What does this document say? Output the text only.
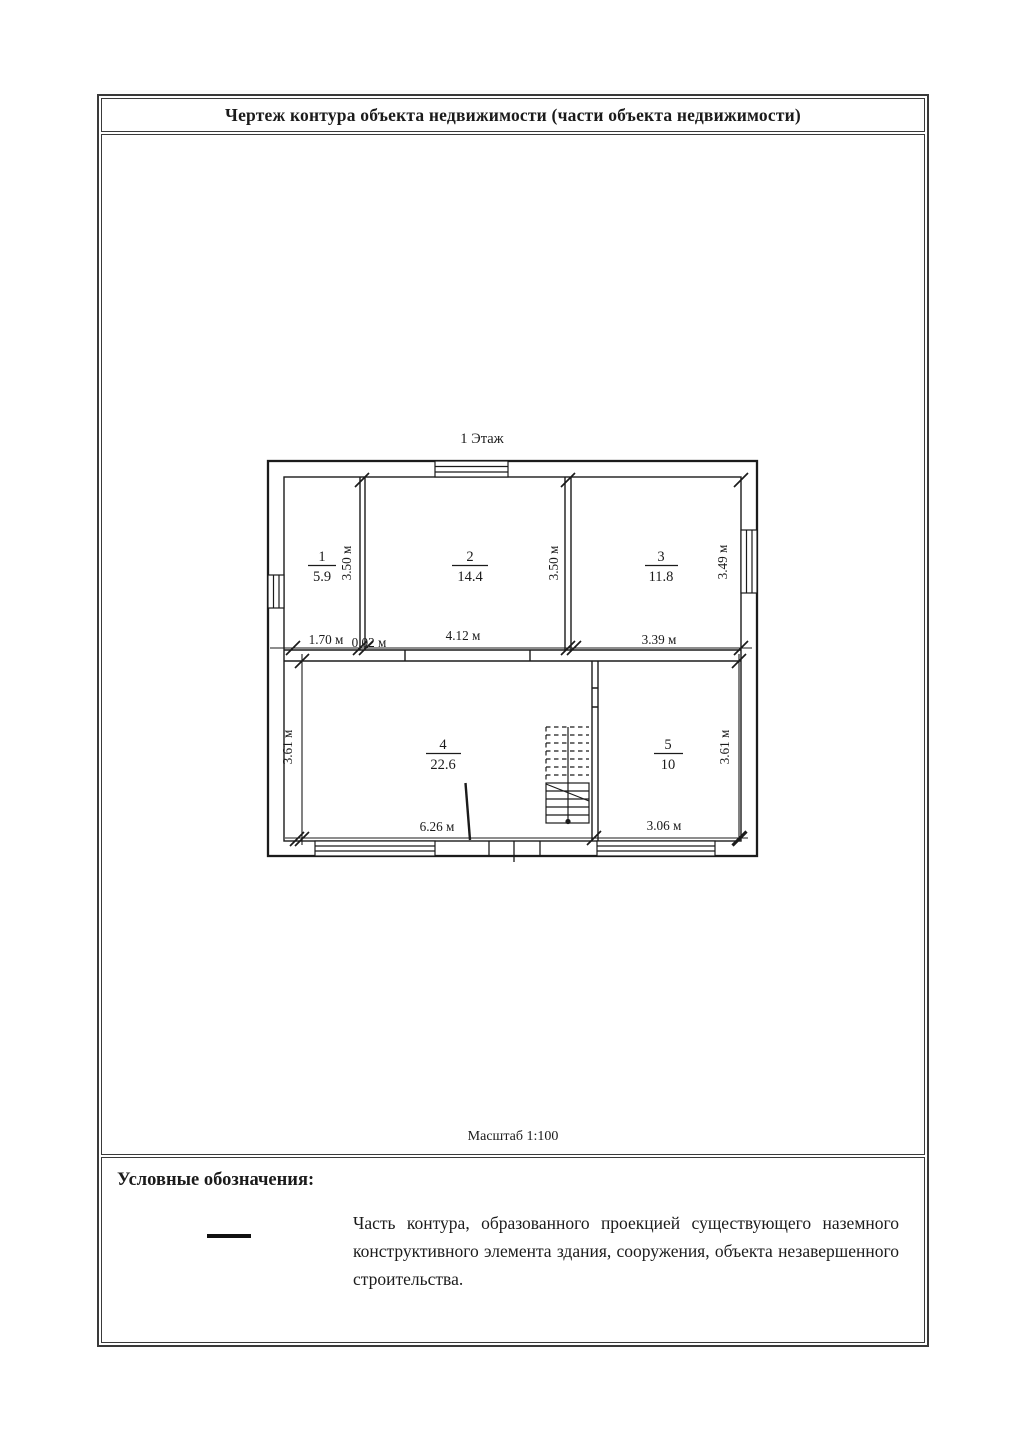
Чертеж контура объекта недвижимости (части объекта недвижимости)
Масштаб 1:100
Условные обозначения:
Часть контура, образованного проекцией существующего наземного конструктивного элемента здания, сооружения, объекта незавершенного строительства.
1 Этаж
1
5.9
2
14.4
3
11.8
4
22.6
5
10
1.70 м 0.02 м	4.12 м	3.39 м
6.26 м	3.06 м
3.50 м	3.50 м	3.49 м
3.61 м	3.61 м
